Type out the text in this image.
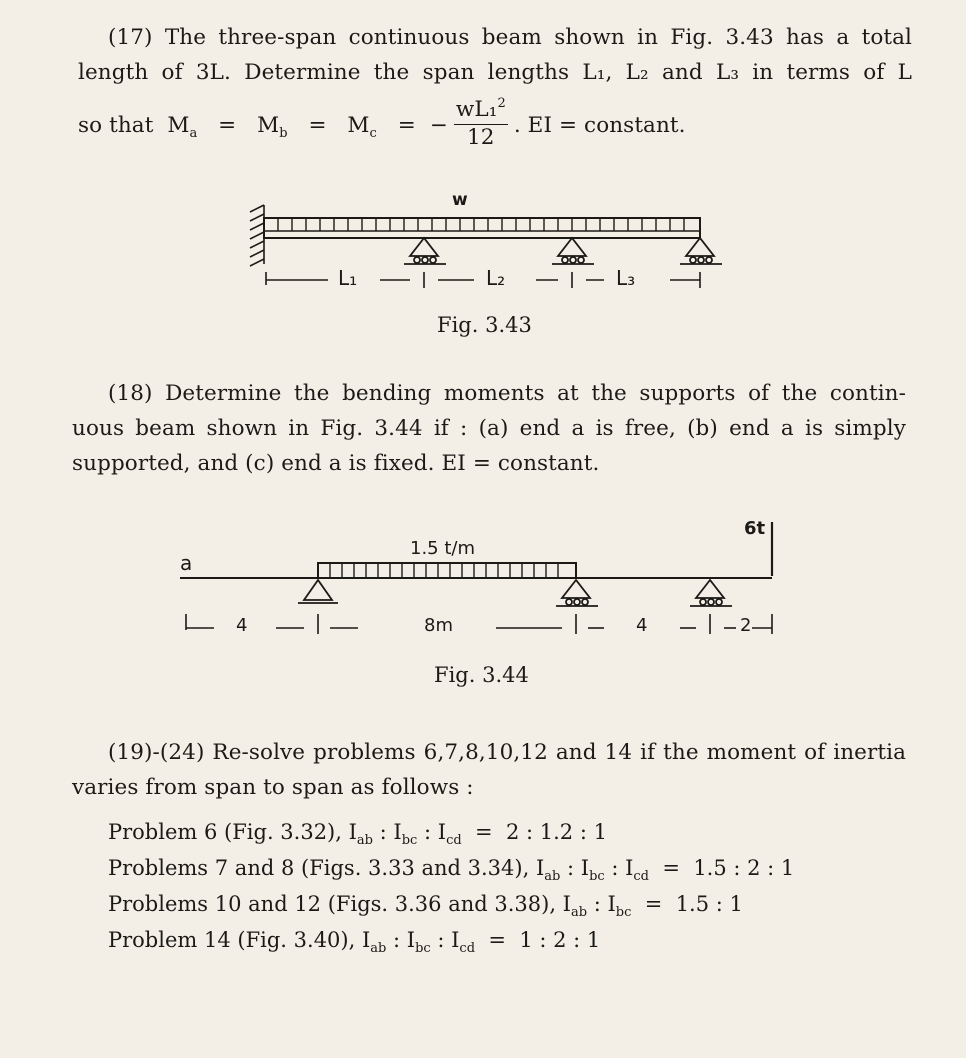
(17) The three-span continuous beam shown in Fig. 3.43 has a total
length of 3L. Determine the span lengths L₁, L₂ and L₃ in terms of L
so that $M_a = M_b = M_c$ = − $\frac{wL_1^2}{12}$ . EI = constant.
w
L₁	L₂	L₃
Fig. 3.43
(18) Determine the bending moments at the supports of the contin-
uous beam shown in Fig. 3.44 if : (a) end a is free, (b) end a is simply
supported, and (c) end a is fixed. EI = constant.
a
1.5 t/m
6t
4	8m	4	2
Fig. 3.44
(19)-(24) Re-solve problems 6,7,8,10,12 and 14 if the moment of inertia
varies from span to span as follows :
Problem 6 (Fig. 3.32), $I_{ab}$ : $I_{bc}$ : $I_{cd} = 2$ : 1.2 : 1
Problems 7 and 8 (Figs. 3.33 and 3.34), $I_{ab}$ : $I_{bc}$ : $I_{cd} = 1.5$ : 2 : 1
Problems 10 and 12 (Figs. 3.36 and 3.38), $I_{ab}$ : $I_{bc} = 1.5$ : 1
Problem 14 (Fig. 3.40), $I_{ab}$ : $I_{bc}$ : $I_{cd} = 1$ : 2 : 1
